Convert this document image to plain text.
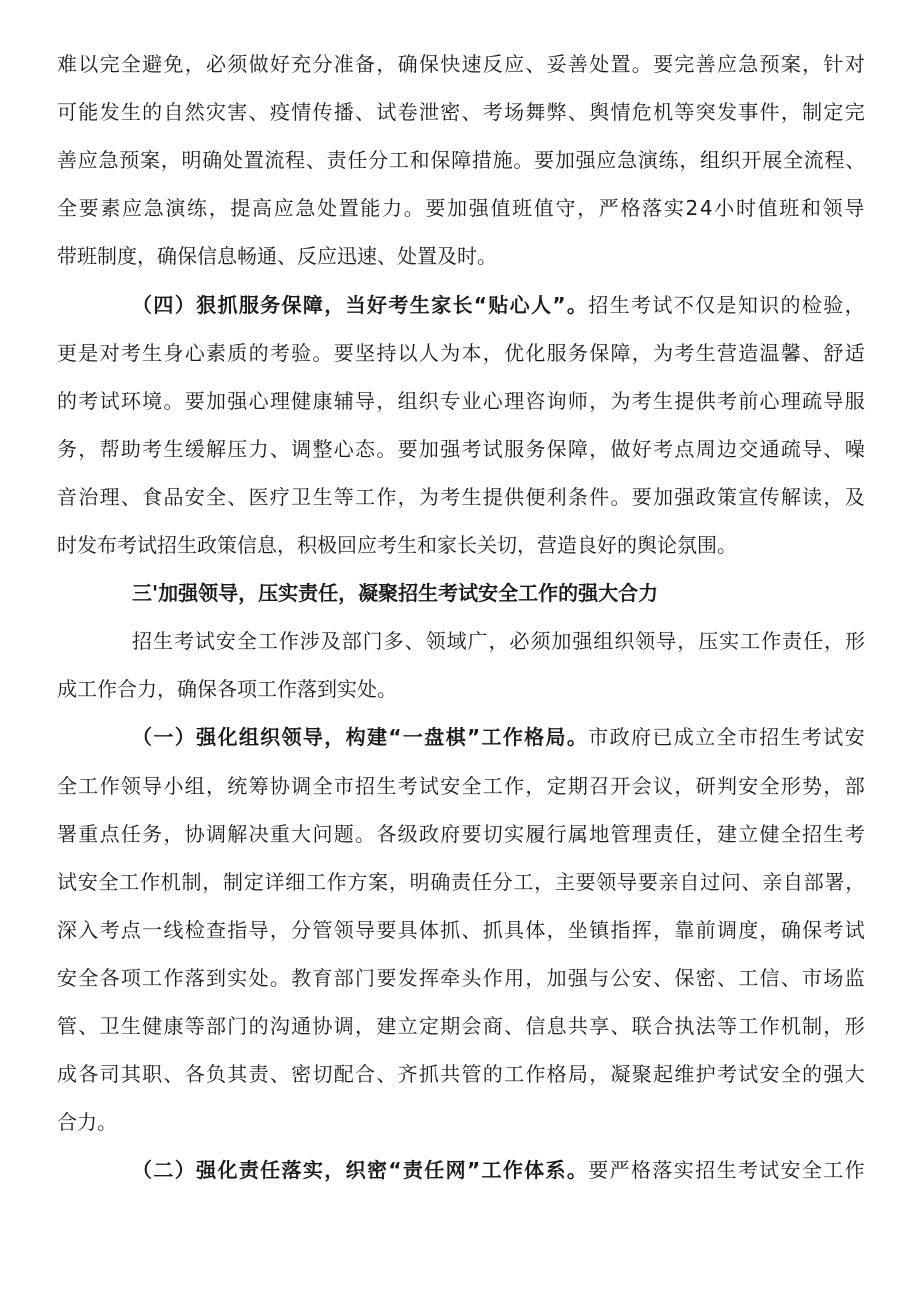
难以完全避免，必须做好充分准备，确保快速反应、妥善处置。要完善应急预案，针对
可能发生的自然灾害、疫情传播、试卷泄密、考场舞弊、舆情危机等突发事件，制定完
善应急预案，明确处置流程、责任分工和保障措施。要加强应急演练，组织开展全流程、
全要素应急演练，提高应急处置能力。要加强值班值守，严格落实24小时值班和领导
带班制度，确保信息畅通、反应迅速、处置及时。
（四）狠抓服务保障，当好考生家长“贴心人”。招生考试不仅是知识的检验，
更是对考生身心素质的考验。要坚持以人为本，优化服务保障，为考生营造温馨、舒适
的考试环境。要加强心理健康辅导，组织专业心理咨询师，为考生提供考前心理疏导服
务，帮助考生缓解压力、调整心态。要加强考试服务保障，做好考点周边交通疏导、噪
音治理、食品安全、医疗卫生等工作，为考生提供便利条件。要加强政策宣传解读，及
时发布考试招生政策信息，积极回应考生和家长关切，营造良好的舆论氛围。
三'加强领导，压实责任，凝聚招生考试安全工作的强大合力
招生考试安全工作涉及部门多、领域广，必须加强组织领导，压实工作责任，形
成工作合力，确保各项工作落到实处。
（一）强化组织领导，构建“一盘棋”工作格局。市政府已成立全市招生考试安
全工作领导小组，统筹协调全市招生考试安全工作，定期召开会议，研判安全形势，部
署重点任务，协调解决重大问题。各级政府要切实履行属地管理责任，建立健全招生考
试安全工作机制，制定详细工作方案，明确责任分工，主要领导要亲自过问、亲自部署，
深入考点一线检查指导，分管领导要具体抓、抓具体，坐镇指挥，靠前调度，确保考试
安全各项工作落到实处。教育部门要发挥牵头作用，加强与公安、保密、工信、市场监
管、卫生健康等部门的沟通协调，建立定期会商、信息共享、联合执法等工作机制，形
成各司其职、各负其责、密切配合、齐抓共管的工作格局，凝聚起维护考试安全的强大
合力。
（二）强化责任落实，织密“责任网”工作体系。要严格落实招生考试安全工作
